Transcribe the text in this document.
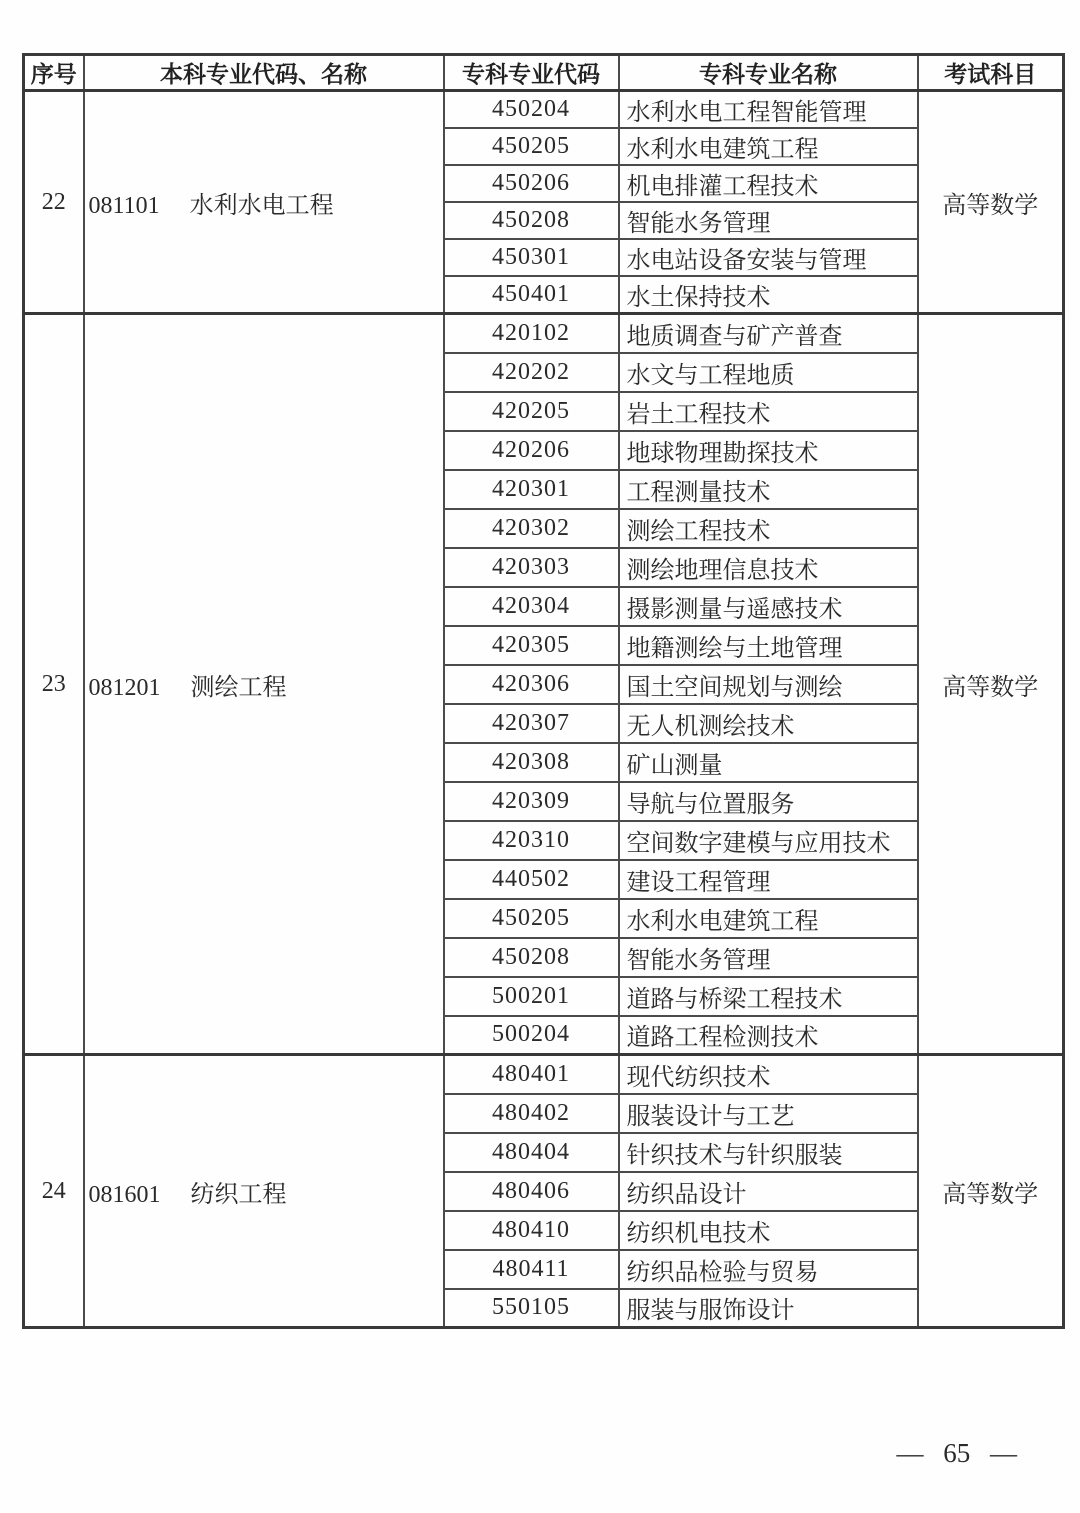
序号	本科专业代码、名称	专科专业代码	专科专业名称	考试科目
22	081101 水利水电工程	450204	水利水电工程智能管理	高等数学
		450205	水利水电建筑工程	
		450206	机电排灌工程技术	
		450208	智能水务管理	
		450301	水电站设备安装与管理	
		450401	水土保持技术	
23	081201 测绘工程	420102	地质调查与矿产普查	高等数学
		420202	水文与工程地质	
		420205	岩土工程技术	
		420206	地球物理勘探技术	
		420301	工程测量技术	
		420302	测绘工程技术	
		420303	测绘地理信息技术	
		420304	摄影测量与遥感技术	
		420305	地籍测绘与土地管理	
		420306	国土空间规划与测绘	
		420307	无人机测绘技术	
		420308	矿山测量	
		420309	导航与位置服务	
		420310	空间数字建模与应用技术	
		440502	建设工程管理	
		450205	水利水电建筑工程	
		450208	智能水务管理	
		500201	道路与桥梁工程技术	
		500204	道路工程检测技术	
24	081601 纺织工程	480401	现代纺织技术	高等数学
		480402	服装设计与工艺	
		480404	针织技术与针织服装	
		480406	纺织品设计	
		480410	纺织机电技术	
		480411	纺织品检验与贸易	
		550105	服装与服饰设计	
— 65 —
